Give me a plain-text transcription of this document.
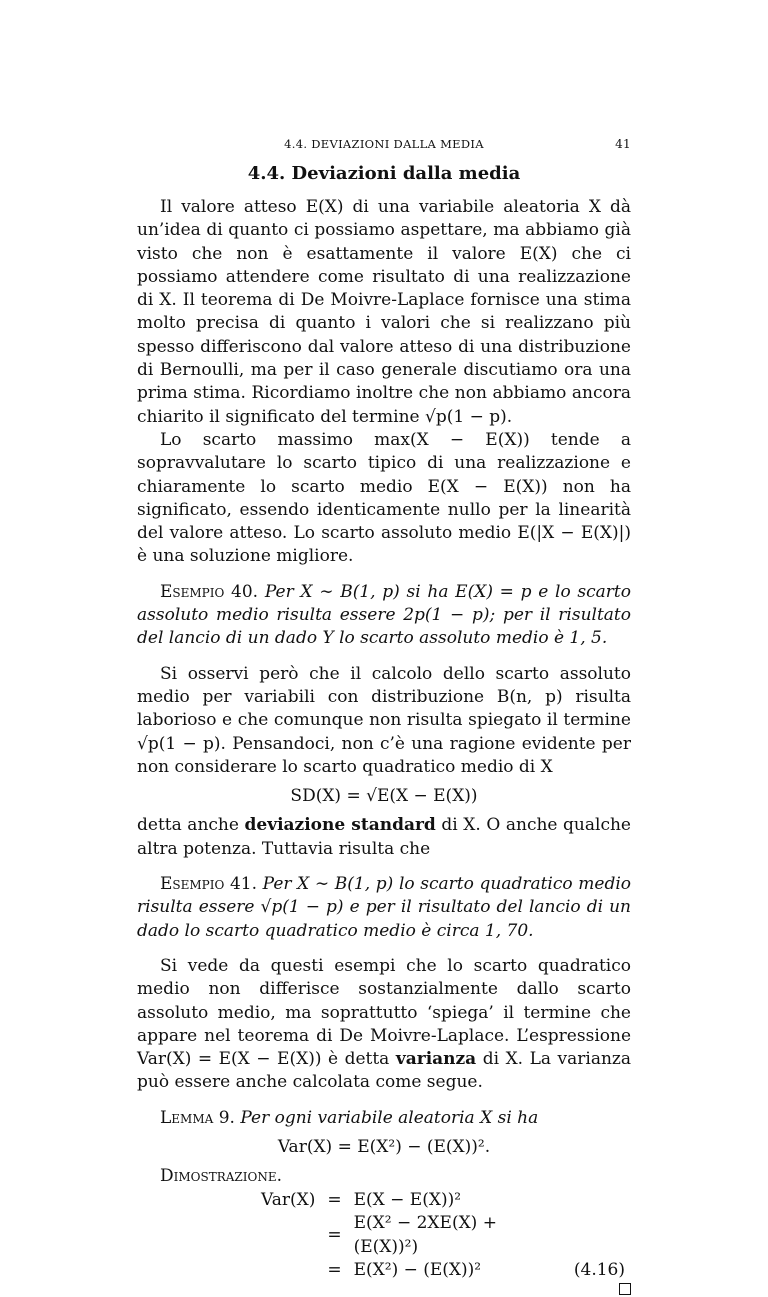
4.4. DEVIAZIONI DALLA MEDIA	41
4.4. Deviazioni dalla media

Il valore atteso E(X) di una variabile aleatoria X dà un’idea di quanto ci possiamo aspettare, ma abbiamo già visto che non è esattamente il valore E(X) che ci possiamo attendere come risultato di una realizzazione di X. Il teorema di De Moivre-Laplace fornisce una stima molto precisa di quanto i valori che si realizzano più spesso differiscono dal valore atteso di una distribuzione di Bernoulli, ma per il caso generale discutiamo ora una prima stima. Ricordiamo inoltre che non abbiamo ancora chiarito il significato del termine √p(1 − p).

Lo scarto massimo max(X − E(X)) tende a sopravvalutare lo scarto tipico di una realizzazione e chiaramente lo scarto medio E(X − E(X)) non ha significato, essendo identicamente nullo per la linearità del valore atteso. Lo scarto assoluto medio E(|X − E(X)|) è una soluzione migliore.

Esempio 40. Per X ∼ B(1, p) si ha E(X) = p e lo scarto assoluto medio risulta essere 2p(1 − p); per il risultato del lancio di un dado Y lo scarto assoluto medio è 1, 5.

Si osservi però che il calcolo dello scarto assoluto medio per variabili con distribuzione B(n, p) risulta laborioso e che comunque non risulta spiegato il termine √p(1 − p). Pensandoci, non c’è una ragione evidente per non considerare lo scarto quadratico medio di X

SD(X) = √E(X − E(X))

detta anche deviazione standard di X. O anche qualche altra potenza. Tuttavia risulta che

Esempio 41. Per X ∼ B(1, p) lo scarto quadratico medio risulta essere √p(1 − p) e per il risultato del lancio di un dado lo scarto quadratico medio è circa 1, 70.

Si vede da questi esempi che lo scarto quadratico medio non differisce sostanzialmente dallo scarto assoluto medio, ma soprattutto ‘spiega’ il termine che appare nel teorema di De Moivre-Laplace. L’espressione Var(X) = E(X − E(X)) è detta varianza di X. La varianza può essere anche calcolata come segue.

Lemma 9. Per ogni variabile aleatoria X si ha

Var(X) = E(X²) − (E(X))².

Dimostrazione.

Var(X)	=	E(X − E(X))²	
	=	E(X² − 2XE(X) + (E(X))²)	
	=	E(X²) − (E(X))²	(4.16)
